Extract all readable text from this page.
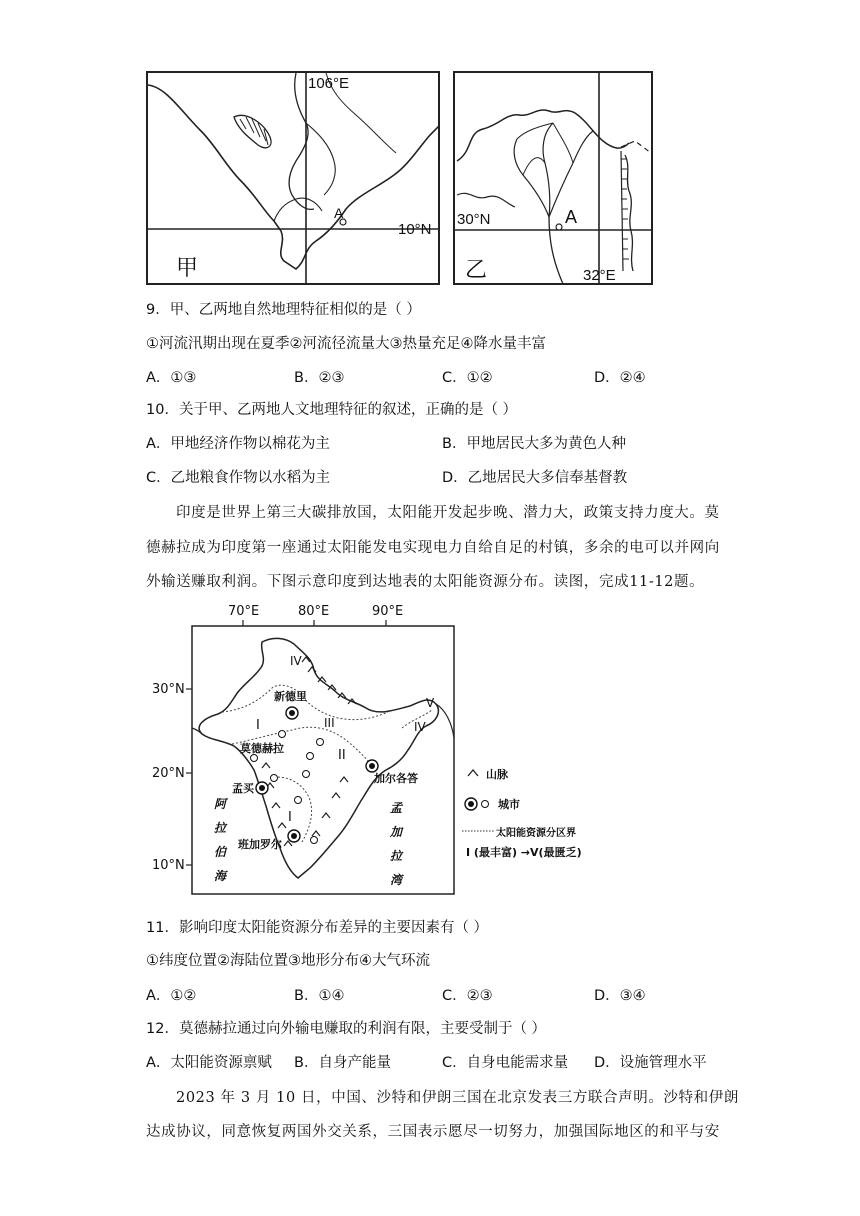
106°E
10°N
A
甲
30°N	A
32°E
乙
9．甲、乙两地自然地理特征相似的是（ ）
①河流汛期出现在夏季②河流径流量大③热量充足④降水量丰富
A．①③	B．②③	C．①②	D．②④
10．关于甲、乙两地人文地理特征的叙述，正确的是（ ）
A．甲地经济作物以棉花为主	B．甲地居民大多为黄色人种
C．乙地粮食作物以水稻为主	D．乙地居民大多信奉基督教
印度是世界上第三大碳排放国，太阳能开发起步晚、潜力大，政策支持力度大。莫
德赫拉成为印度第一座通过太阳能发电实现电力自给自足的村镇，多余的电可以并网向
外输送赚取利润。下图示意印度到达地表的太阳能资源分布。读图，完成11-12题。
70°E	80°E	90°E
30°N
20°N
10°N
新德里
莫德赫拉
孟买
加尔各答
班加罗尔
I
II
III
IV
V
IV
I
阿
拉
伯
海
孟
加
拉
湾
山脉
城市
太阳能资源分区界
I (最丰富) →V(最匮乏)
11．影响印度太阳能资源分布差异的主要因素有（ ）
①纬度位置②海陆位置③地形分布④大气环流
A．①②	B．①④	C．②③	D．③④
12．莫德赫拉通过向外输电赚取的利润有限，主要受制于（ ）
A．太阳能资源禀赋 B．自身产能量	C．自身电能需求量 D．设施管理水平
2023 年 3 月 10 日，中国、沙特和伊朗三国在北京发表三方联合声明。沙特和伊朗
达成协议，同意恢复两国外交关系，三国表示愿尽一切努力，加强国际地区的和平与安
